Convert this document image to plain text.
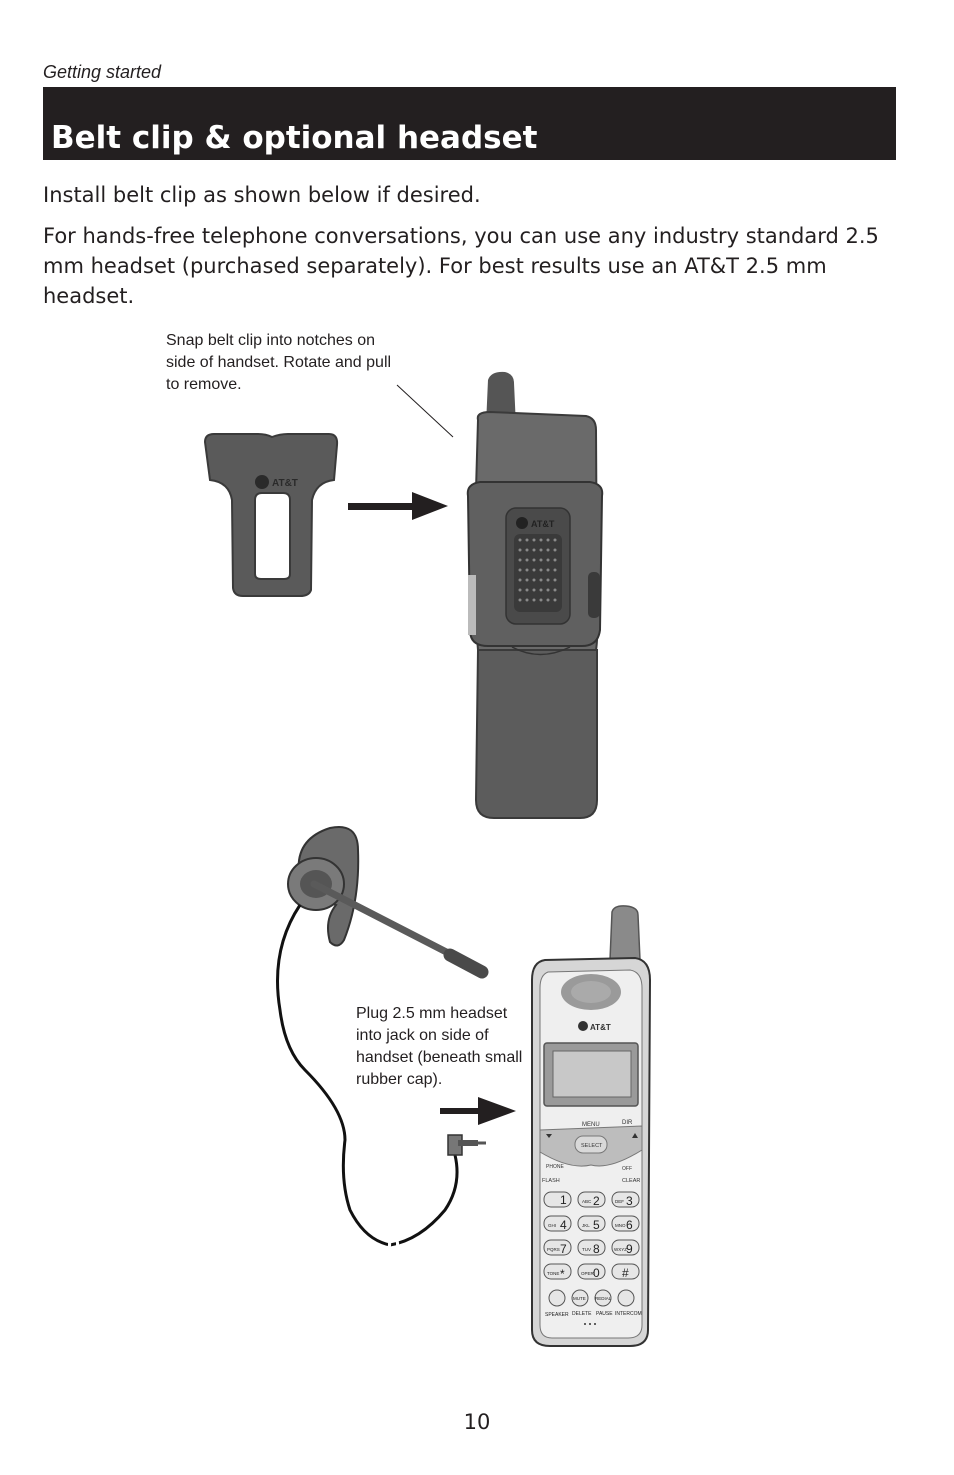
Getting started
Belt clip & optional headset
Install belt clip as shown below if desired.
For hands-free telephone conversations, you can use any industry standard 2.5 mm headset (purchased separately). For best results use an AT&T 2.5 mm headset.
Snap belt clip into notches on side of handset. Rotate and pull to remove.
Plug 2.5 mm headset into jack on side of handset (beneath small rubber cap).
AT&T
AT&T
AT&T
MENU	DIR
SELECT
PHONE	OFF
FLASH	CLEAR
1	ABC 2	DEF 3
GHI 4	JKL 5	MNO 6
PQRS 7	TUV 8	WXYZ 9
TONE *	OPER 0 #
MUTE REDIAL
SPEAKER DELETE PAUSE INTERCOM
10
